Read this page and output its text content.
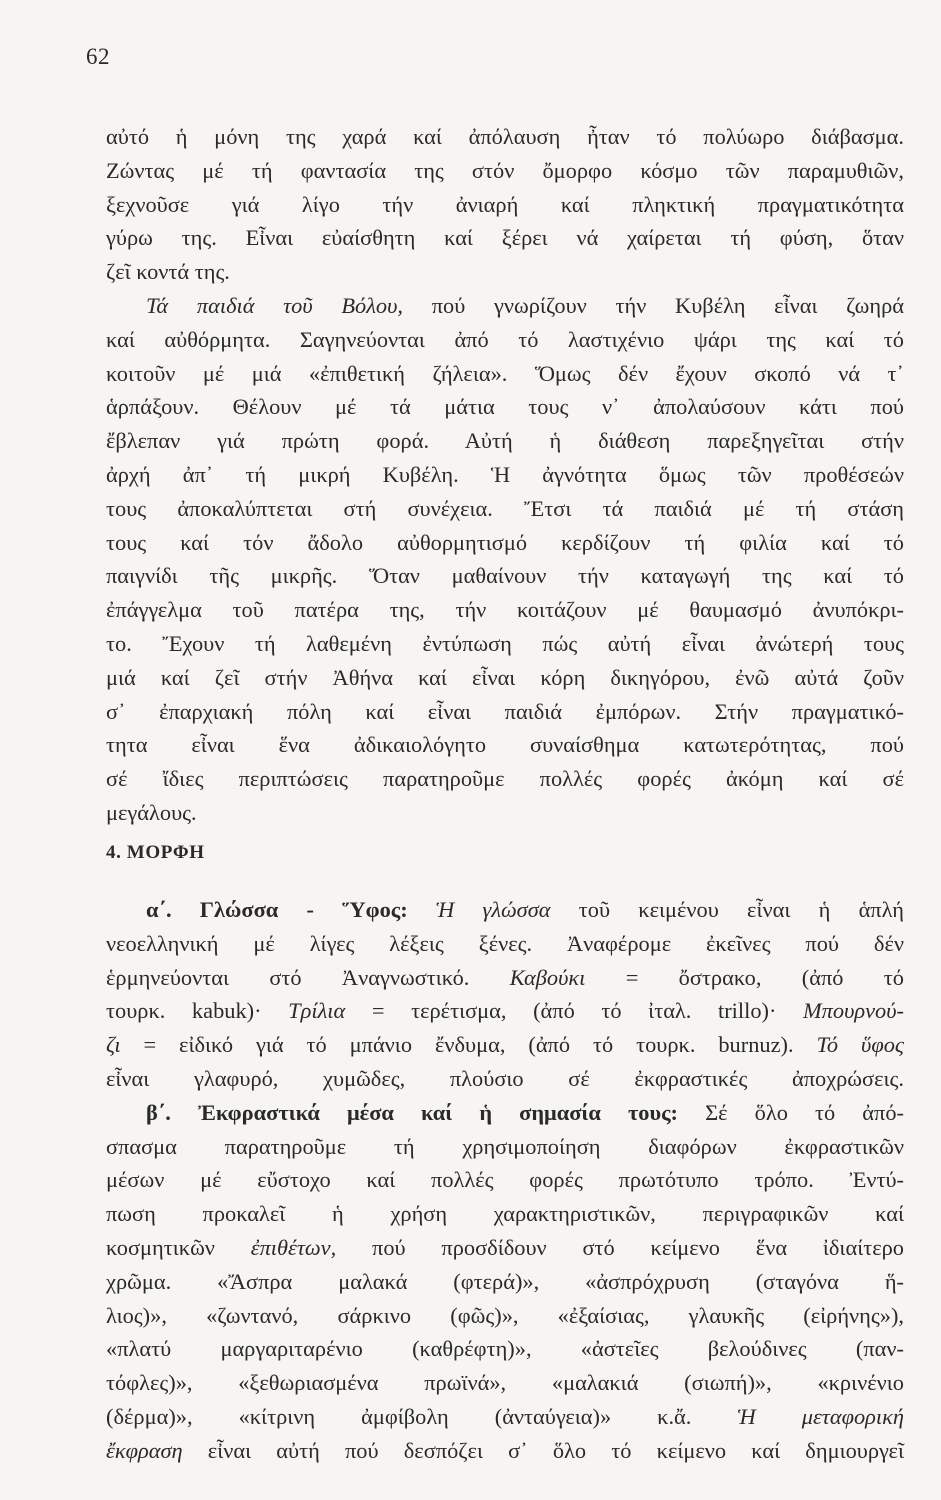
62
αὐτό ἡ μόνη της χαρά καί ἀπόλαυση ἦταν τό πολύωρο διάβασμα.
Ζώντας μέ τή φαντασία της στόν ὄμορφο κόσμο τῶν παραμυθιῶν,
ξεχνοῦσε γιά λίγο τήν ἀνιαρή καί πληκτική πραγματικότητα
γύρω της. Εἶναι εὐαίσθητη καί ξέρει νά χαίρεται τή φύση, ὅταν
ζεῖ κοντά της.
Τά παιδιά τοῦ Βόλου, πού γνωρίζουν τήν Κυβέλη εἶναι ζωηρά
καί αὐθόρμητα. Σαγηνεύονται ἀπό τό λαστιχένιο ψάρι της καί τό
κοιτοῦν μέ μιά «ἐπιθετική ζήλεια». Ὅμως δέν ἔχουν σκοπό νά τ᾽
ἁρπάξουν. Θέλουν μέ τά μάτια τους ν᾽ ἀπολαύσουν κάτι πού
ἔβλεπαν γιά πρώτη φορά. Αὐτή ἡ διάθεση παρεξηγεῖται στήν
ἀρχή ἀπ᾽ τή μικρή Κυβέλη. Ἡ ἀγνότητα ὅμως τῶν προθέσεών
τους ἀποκαλύπτεται στή συνέχεια. Ἔτσι τά παιδιά μέ τή στάση
τους καί τόν ἄδολο αὐθορμητισμό κερδίζουν τή φιλία καί τό
παιγνίδι τῆς μικρῆς. Ὅταν μαθαίνουν τήν καταγωγή της καί τό
ἐπάγγελμα τοῦ πατέρα της, τήν κοιτάζουν μέ θαυμασμό ἀνυπόκρι-
το. Ἔχουν τή λαθεμένη ἐντύπωση πώς αὐτή εἶναι ἀνώτερή τους
μιά καί ζεῖ στήν Ἀθήνα καί εἶναι κόρη δικηγόρου, ἐνῶ αὐτά ζοῦν
σ᾽ ἐπαρχιακή πόλη καί εἶναι παιδιά ἐμπόρων. Στήν πραγματικό-
τητα εἶναι ἕνα ἀδικαιολόγητο συναίσθημα κατωτερότητας, πού
σέ ἴδιες περιπτώσεις παρατηροῦμε πολλές φορές ἀκόμη καί σέ
μεγάλους.
4. ΜΟΡΦΗ
α΄. Γλώσσα - Ὕφος: Ἡ γλώσσα τοῦ κειμένου εἶναι ἡ ἁπλή
νεοελληνική μέ λίγες λέξεις ξένες. Ἀναφέρομε ἐκεῖνες πού δέν
ἑρμηνεύονται στό Ἀναγνωστικό. Καβούκι = ὄστρακο, (ἀπό τό
τουρκ. kabuk)· Τρίλια = τερέτισμα, (ἀπό τό ἰταλ. trillo)· Μπουρνού-
ζι = εἰδικό γιά τό μπάνιο ἔνδυμα, (ἀπό τό τουρκ. burnuz). Τό ὕφος
εἶναι γλαφυρό, χυμῶδες, πλούσιο σέ ἐκφραστικές ἀποχρώσεις.
β΄. Ἐκφραστικά μέσα καί ἡ σημασία τους: Σέ ὅλο τό ἀπό-
σπασμα παρατηροῦμε τή χρησιμοποίηση διαφόρων ἐκφραστικῶν
μέσων μέ εὔστοχο καί πολλές φορές πρωτότυπο τρόπο. Ἐντύ-
πωση προκαλεῖ ἡ χρήση χαρακτηριστικῶν, περιγραφικῶν καί
κοσμητικῶν ἐπιθέτων, πού προσδίδουν στό κείμενο ἕνα ἰδιαίτερο
χρῶμα. «Ἄσπρα μαλακά (φτερά)», «ἀσπρόχρυση (σταγόνα ἥ-
λιος)», «ζωντανό, σάρκινο (φῶς)», «ἐξαίσιας, γλαυκῆς (εἰρήνης»),
«πλατύ μαργαριταρένιο (καθρέφτη)», «ἀστεῖες βελούδινες (παν-
τόφλες)», «ξεθωριασμένα πρωϊνά», «μαλακιά (σιωπή)», «κρινένιο
(δέρμα)», «κίτρινη ἀμφίβολη (ἀνταύγεια)» κ.ἄ. Ἡ μεταφορική
ἔκφραση εἶναι αὐτή πού δεσπόζει σ᾽ ὅλο τό κείμενο καί δημιουργεῖ
